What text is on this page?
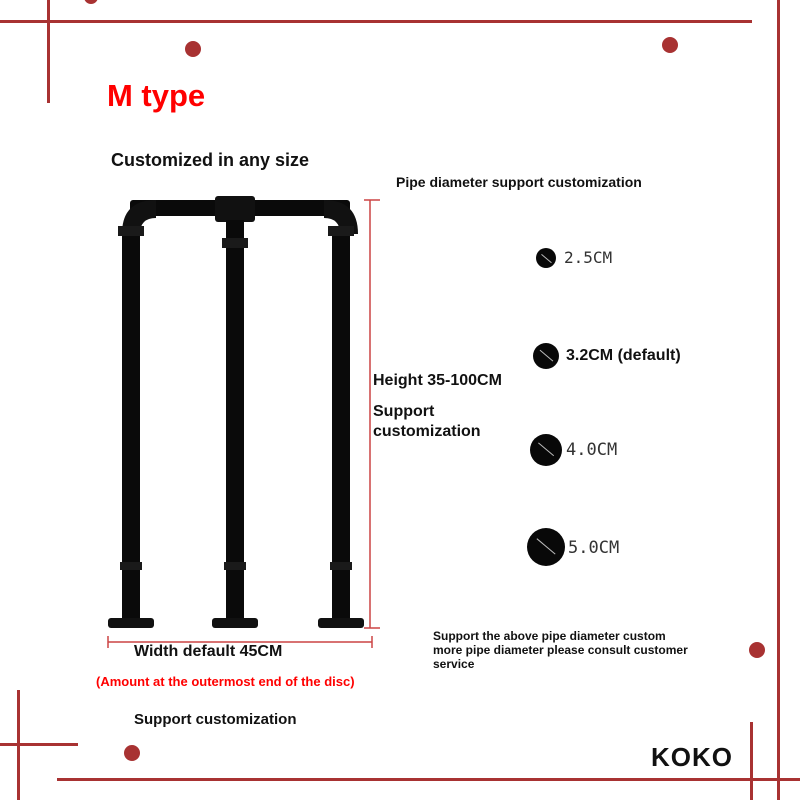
M type
Customized in any size
Pipe diameter support customization
Height 35-100CM
Support
customization
2.5CM
3.2CM (default)
4.0CM
5.0CM
Width default 45CM
(Amount at the outermost end of the disc)
Support customization
Support the above pipe diameter custom more pipe diameter please consult customer service
KOKO
